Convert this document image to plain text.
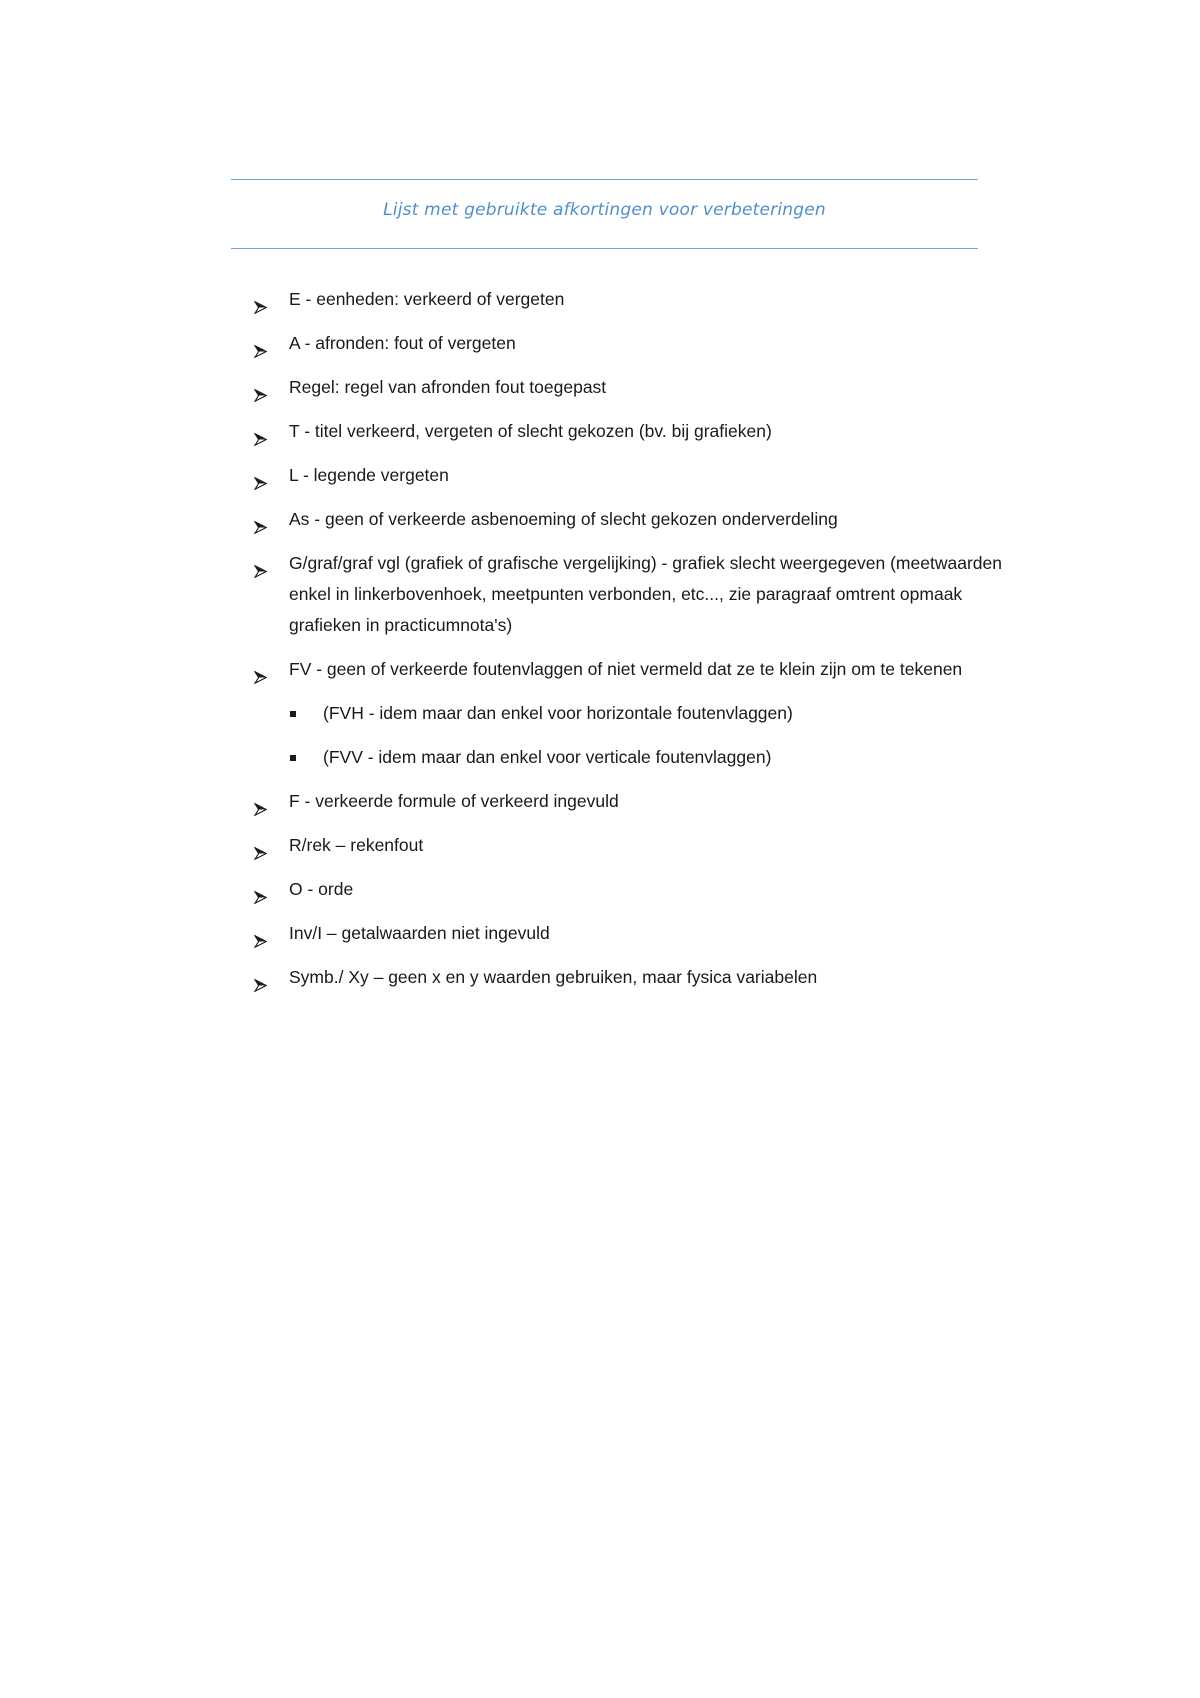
Lijst met gebruikte afkortingen voor verbeteringen
E - eenheden: verkeerd of vergeten
A - afronden: fout of vergeten
Regel: regel van afronden fout toegepast
T - titel verkeerd, vergeten of slecht gekozen (bv. bij grafieken)
L - legende vergeten
As - geen of verkeerde asbenoeming of slecht gekozen onderverdeling
G/graf/graf vgl (grafiek of grafische vergelijking) - grafiek slecht weergegeven (meetwaarden enkel in linkerbovenhoek, meetpunten verbonden, etc..., zie paragraaf omtrent opmaak grafieken in practicumnota's)
FV - geen of verkeerde foutenvlaggen of niet vermeld dat ze te klein zijn om te tekenen
(FVH - idem maar dan enkel voor horizontale foutenvlaggen)
(FVV - idem maar dan enkel voor verticale foutenvlaggen)
F - verkeerde formule of verkeerd ingevuld
R/rek – rekenfout
O - orde
Inv/I – getalwaarden niet ingevuld
Symb./ Xy – geen x en y waarden gebruiken, maar fysica variabelen
